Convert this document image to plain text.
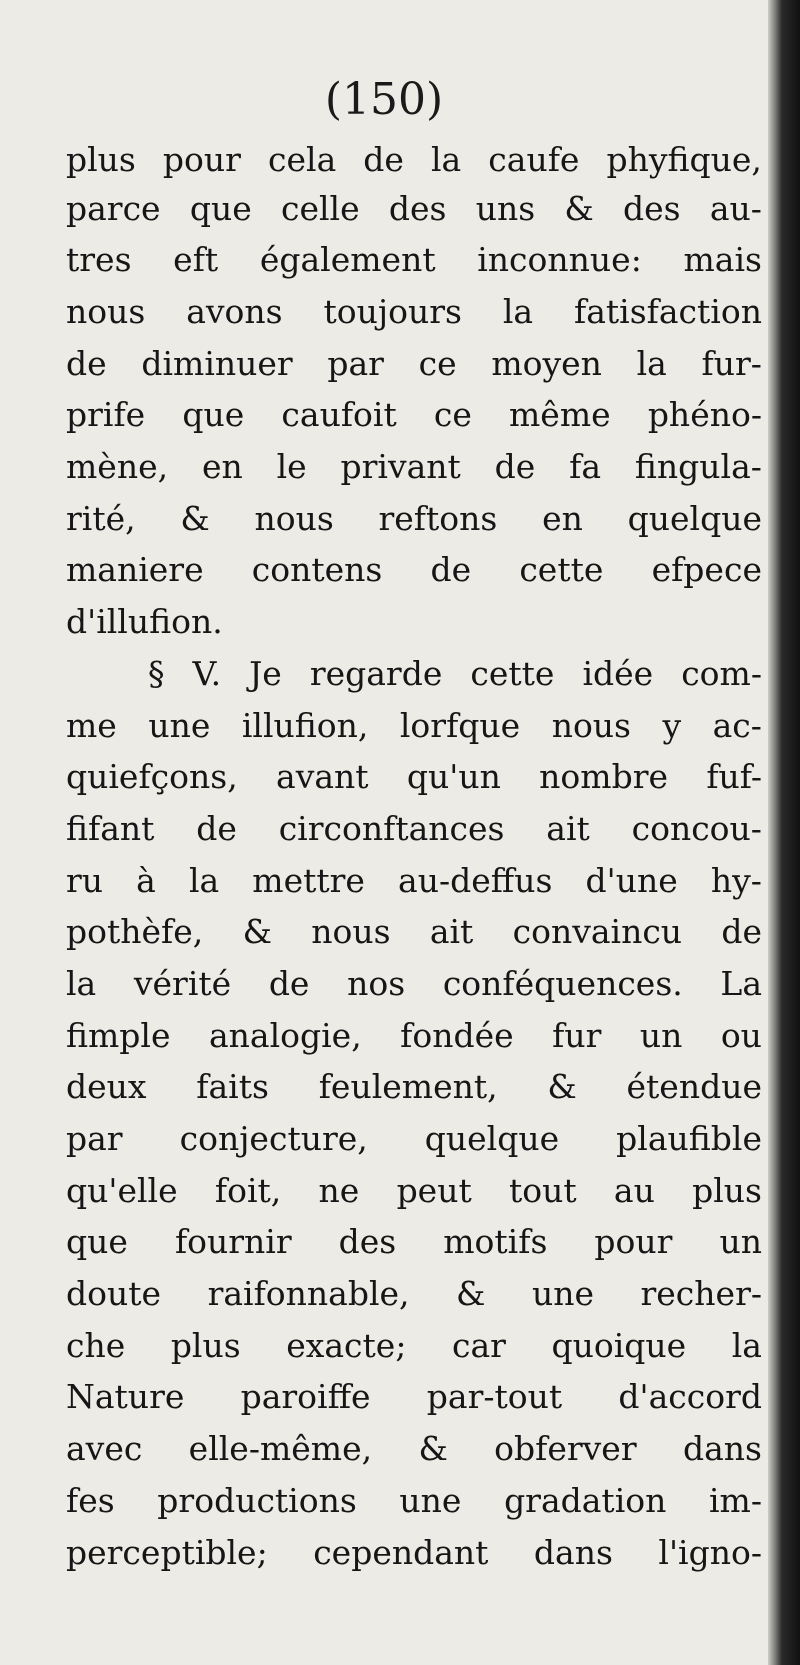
(150)
plus pour cela de la caufe phyfique,
parce que celle des uns & des au-
tres eft également inconnue: mais
nous avons toujours la fatisfaction
de diminuer par ce moyen la fur-
prife que caufoit ce même phéno-
mène, en le privant de fa fingula-
rité, & nous reftons en quelque
maniere contens de cette efpece
d'illufion.
§ V. Je regarde cette idée com-
me une illufion, lorfque nous y ac-
quiefçons, avant qu'un nombre fuf-
fifant de circonftances ait concou-
ru à la mettre au-deffus d'une hy-
pothèfe, & nous ait convaincu de
la vérité de nos conféquences. La
fimple analogie, fondée fur un ou
deux faits feulement, & étendue
par conjecture, quelque plaufible
qu'elle foit, ne peut tout au plus
que fournir des motifs pour un
doute raifonnable, & une recher-
che plus exacte; car quoique la
Nature paroiffe par-tout d'accord
avec elle-même, & obferver dans
fes productions une gradation im-
perceptible; cependant dans l'igno-
